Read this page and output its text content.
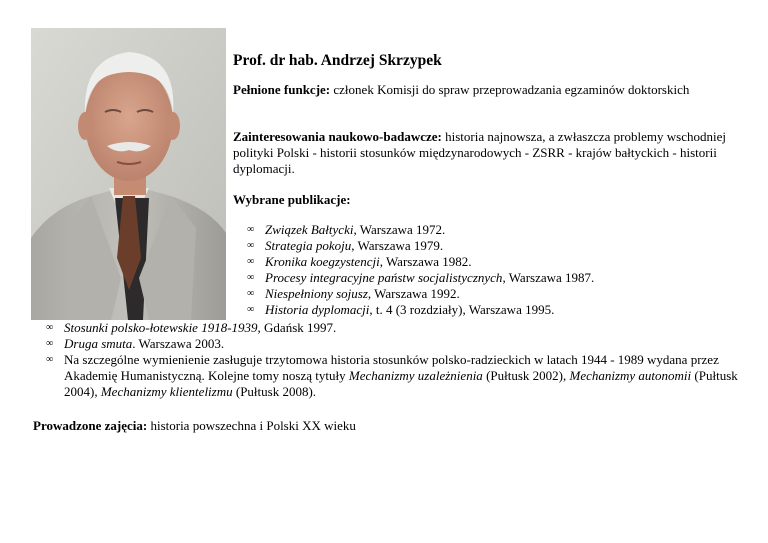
Prof. dr hab. Andrzej Skrzypek

Pełnione funkcje: członek Komisji do spraw przeprowadzania egzaminów doktorskich

Zainteresowania naukowo-badawcze: historia najnowsza, a zwłaszcza problemy wschodniej polityki Polski - historii stosunków międzynarodowych - ZSRR - krajów bałtyckich - historii dyplomacji.

Wybrane publikacje:

∞ Związek Bałtycki, Warszawa 1972.
∞ Strategia pokoju, Warszawa 1979.
∞ Kronika koegzystencji, Warszawa 1982.
∞ Procesy integracyjne państw socjalistycznych, Warszawa 1987.
∞ Niespełniony sojusz, Warszawa 1992.
∞ Historia dyplomacji, t. 4 (3 rozdziały), Warszawa 1995.
∞ Stosunki polsko-łotewskie 1918-1939, Gdańsk 1997.
∞ Druga smuta. Warszawa 2003.
∞ Na szczególne wymienienie zasługuje trzytomowa historia stosunków polsko-radzieckich w latach 1944 - 1989 wydana przez Akademię Humanistyczną. Kolejne tomy noszą tytuły Mechanizmy uzależnienia (Pułtusk 2002), Mechanizmy autonomii (Pułtusk 2004), Mechanizmy klientelizmu (Pułtusk 2008).

Prowadzone zajęcia: historia powszechna i Polski XX wieku
